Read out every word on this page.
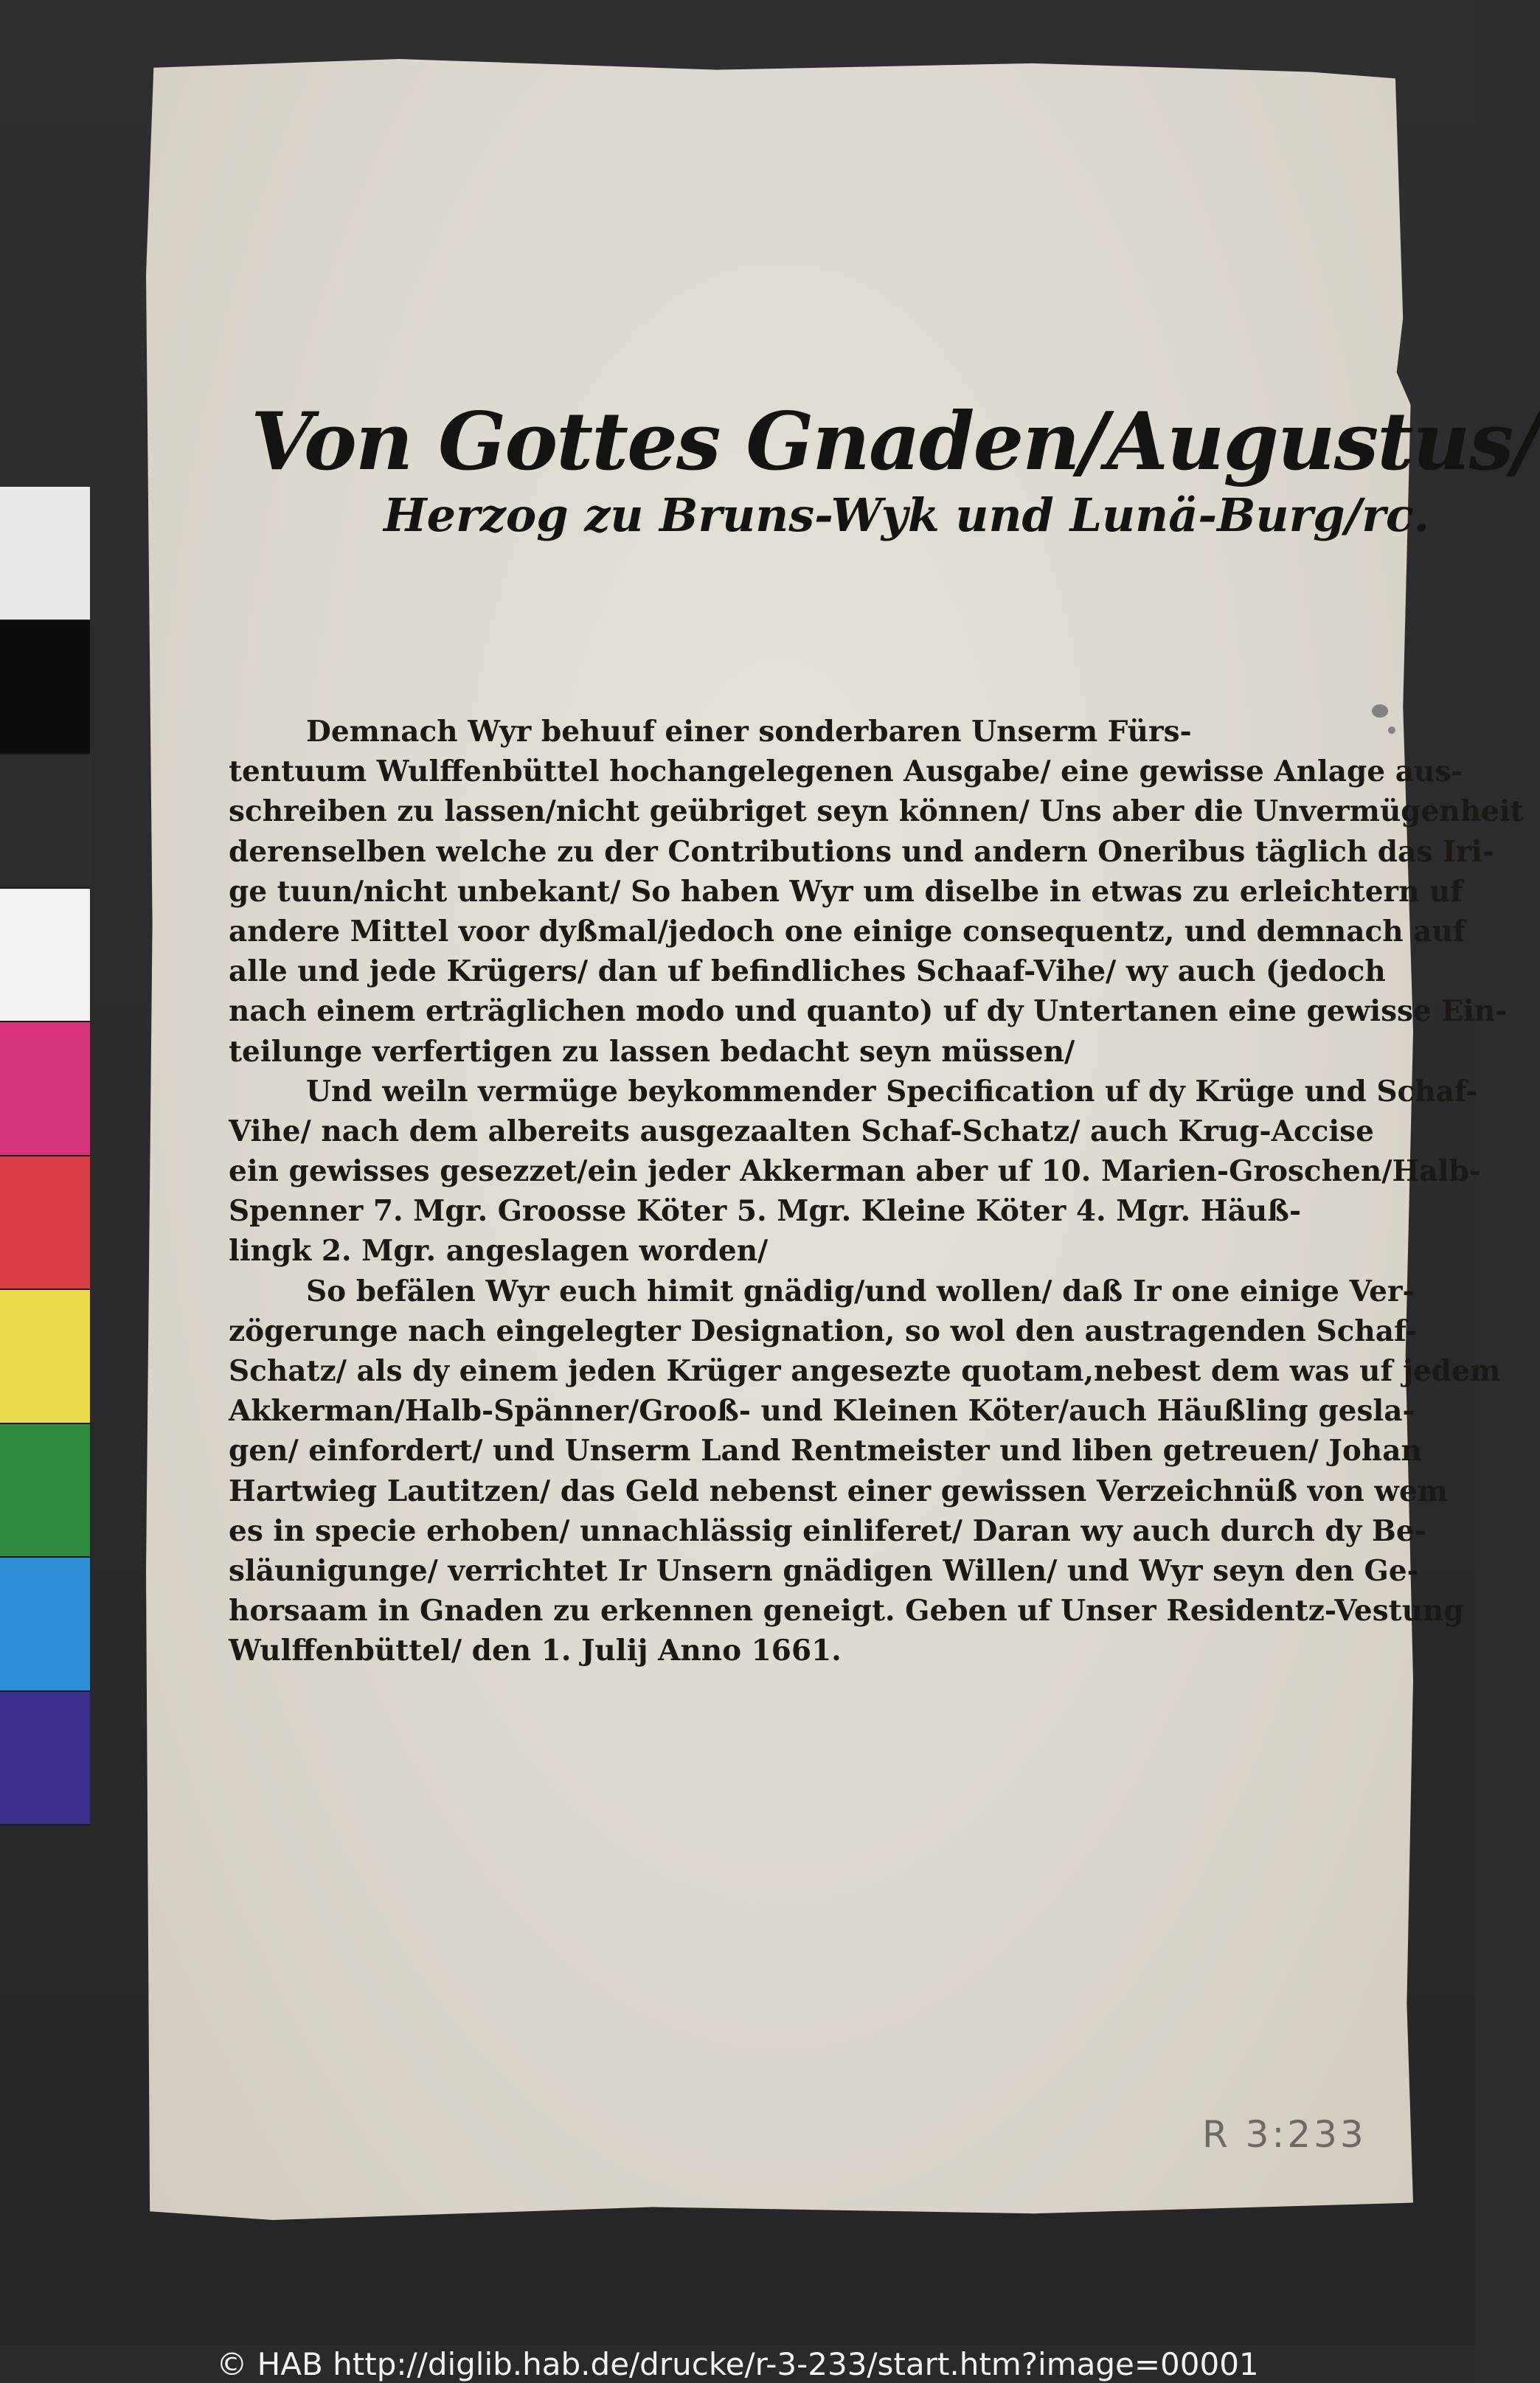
Von Gottes Gnaden/Augustus/
Herzog zu Bruns-Wyk und Lunä-Burg/rc.
Demnach Wyr behuuf einer sonderbaren Unserm Fürs-
tentuum Wulffenbüttel hochangelegenen Ausgabe/ eine gewisse Anlage aus-
schreiben zu lassen/nicht geübriget seyn können/ Uns aber die Unvermügenheit
derenselben welche zu der Contributions und andern Oneribus täglich das Iri-
ge tuun/nicht unbekant/ So haben Wyr um diselbe in etwas zu erleichtern uf
andere Mittel voor dyßmal/jedoch one einige consequentz, und demnach auf
alle und jede Krügers/ dan uf befindliches Schaaf-Vihe/ wy auch (jedoch
nach einem erträglichen modo und quanto) uf dy Untertanen eine gewisse Ein-
teilunge verfertigen zu lassen bedacht seyn müssen/
Und weiln vermüge beykommender Specification uf dy Krüge und Schaf-
Vihe/ nach dem albereits ausgezaalten Schaf-Schatz/ auch Krug-Accise
ein gewisses gesezzet/ein jeder Akkerman aber uf 10. Marien-Groschen/Halb-
Spenner 7. Mgr. Groosse Köter 5. Mgr. Kleine Köter 4. Mgr. Häuß-
lingk 2. Mgr. angeslagen worden/
So befälen Wyr euch himit gnädig/und wollen/ daß Ir one einige Ver-
zögerunge nach eingelegter Designation, so wol den austragenden Schaf-
Schatz/ als dy einem jeden Krüger angesezte quotam,nebest dem was uf jedem
Akkerman/Halb-Spänner/Grooß- und Kleinen Köter/auch Häußling gesla-
gen/ einfordert/ und Unserm Land Rentmeister und liben getreuen/ Johan
Hartwieg Lautitzen/ das Geld nebenst einer gewissen Verzeichnüß von wem
es in specie erhoben/ unnachlässig einliferet/ Daran wy auch durch dy Be-
släunigunge/ verrichtet Ir Unsern gnädigen Willen/ und Wyr seyn den Ge-
horsaam in Gnaden zu erkennen geneigt. Geben uf Unser Residentz-Vestung
Wulffenbüttel/ den 1. Julij Anno 1661.
R 3:233
© HAB http://diglib.hab.de/drucke/r-3-233/start.htm?image=00001
